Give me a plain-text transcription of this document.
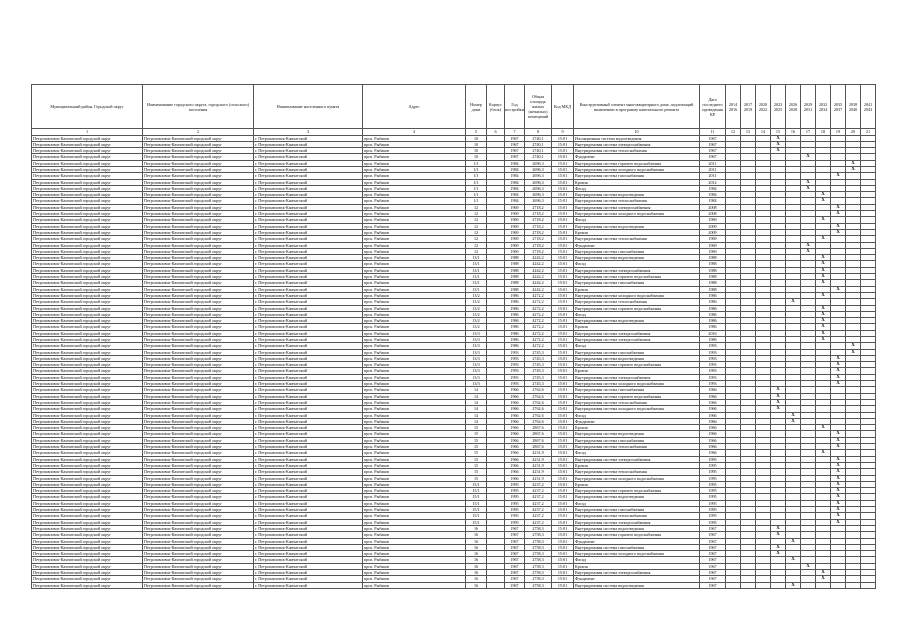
Муниципальный район, Городской округ	Наименование городского округа, городского (сельского) поселения	Наименование населенного пункта	Адрес	Номер дома	Корпус (блок)	Год постройки	Общая площадь жилых (нежилых) помещений	Код МКД	Конструктивный элемент многоквартирного дома, подлежащий включению в программу капитального ремонта	Дата последнего проведения КР	2014 2016	2017 2019	2020 2022	2023 2025	2026 2028	2029 2031	2032 2034	2035 2037	2038 2040	2041 2043
1	2	3	4	5	6	7	8	9	10	11	12	13	14	15	16	17	18	19	20	21
Петропавловск-Камчатский городской округ	Петропавловск-Камчатский городской округ	г. Петропавловск-Камчатский	прсп. Рыбаков	10		1967	2740,1	15:01	Изоляционная система водоотведения	1967				X						
Петропавловск-Камчатский городской округ	Петропавловск-Камчатский городской округ	г. Петропавловск-Камчатский	прсп. Рыбаков	10		1967	2740,1	15:01	Внутридомовая система электроснабжения	1967				X						
Петропавловск-Камчатский городской округ	Петропавловск-Камчатский городской округ	г. Петропавловск-Камчатский	прсп. Рыбаков	10		1967	2740,1	15:01	Внутридомовая система теплоснабжения	1967				X						
Петропавловск-Камчатский городской округ	Петропавловск-Камчатский городской округ	г. Петропавловск-Камчатский	прсп. Рыбаков	10		1967	2740,1	15:01	Фундамент	1967						X				
Петропавловск-Камчатский городской округ	Петропавловск-Камчатский городской округ	г. Петропавловск-Камчатский	прсп. Рыбаков	1/1		1984	2696,3	15:01	Внутридомовая система горячего водоснабжения	2011									X	
Петропавловск-Камчатский городской округ	Петропавловск-Камчатский городской округ	г. Петропавловск-Камчатский	прсп. Рыбаков	1/1		1984	2696,3	15:01	Внутридомовая система холодного водоснабжения	2011									X	
Петропавловск-Камчатский городской округ	Петропавловск-Камчатский городской округ	г. Петропавловск-Камчатский	прсп. Рыбаков	1/1		1984	2696,3	15:01	Внутридомовая система газоснабжения	2011								X		
Петропавловск-Камчатский городской округ	Петропавловск-Камчатский городской округ	г. Петропавловск-Камчатский	прсп. Рыбаков	1/1		1984	2696,3	15:01	Кровля	2012						X				
Петропавловск-Камчатский городской округ	Петропавловск-Камчатский городской округ	г. Петропавловск-Камчатский	прсп. Рыбаков	1/1		1984	2696,3	15:01	Фасад	1984						X				
Петропавловск-Камчатский городской округ	Петропавловск-Камчатский городской округ	г. Петропавловск-Камчатский	прсп. Рыбаков	1/1		1984	2696,3	15:01	Внутридомовая система водоотведения	1984							X			
Петропавловск-Камчатский городской округ	Петропавловск-Камчатский городской округ	г. Петропавловск-Камчатский	прсп. Рыбаков	1/1		1984	2696,3	15:01	Внутридомовая система теплоснабжения	1984							X			
Петропавловск-Камчатский городской округ	Петропавловск-Камчатский городской округ	г. Петропавловск-Камчатский	прсп. Рыбаков	12		1969	2718,2	15:01	Внутридомовая система электроснабжения	2008								X		
Петропавловск-Камчатский городской округ	Петропавловск-Камчатский городской округ	г. Петропавловск-Камчатский	прсп. Рыбаков	12		1969	2718,2	15:01	Внутридомовая система холодного водоснабжения	2008								X		
Петропавловск-Камчатский городской округ	Петропавловск-Камчатский городской округ	г. Петропавловск-Камчатский	прсп. Рыбаков	12		1969	2718,2	15:01	Фасад	1969							X			
Петропавловск-Камчатский городской округ	Петропавловск-Камчатский городской округ	г. Петропавловск-Камчатский	прсп. Рыбаков	12		1969	2718,2	15:01	Внутридомовая система водоотведения	2009								X		
Петропавловск-Камчатский городской округ	Петропавловск-Камчатский городской округ	г. Петропавловск-Камчатский	прсп. Рыбаков	12		1969	2718,2	15:01	Кровля	2009								X		
Петропавловск-Камчатский городской округ	Петропавловск-Камчатский городской округ	г. Петропавловск-Камчатский	прсп. Рыбаков	12		1969	2718,2	15:01	Внутридомовая система теплоснабжения	1969							X			
Петропавловск-Камчатский городской округ	Петропавловск-Камчатский городской округ	г. Петропавловск-Камчатский	прсп. Рыбаков	12		1969	2718,2	15:01	Фундамент	1969						X				
Петропавловск-Камчатский городской округ	Петропавловск-Камчатский городской округ	г. Петропавловск-Камчатский	прсп. Рыбаков	12		1969	2718,2	15:01	Внутридомовая система газоснабжения	1969						X				
Петропавловск-Камчатский городской округ	Петропавловск-Камчатский городской округ	г. Петропавловск-Камчатский	прсп. Рыбаков	13/1		1988	4242,2	15:01	Внутридомовая система водоотведения	1988							X			
Петропавловск-Камчатский городской округ	Петропавловск-Камчатский городской округ	г. Петропавловск-Камчатский	прсп. Рыбаков	13/1		1988	4242,2	15:01	Фасад	1988							X			
Петропавловск-Камчатский городской округ	Петропавловск-Камчатский городской округ	г. Петропавловск-Камчатский	прсп. Рыбаков	13/1		1988	4242,2	15:01	Внутридомовая система электроснабжения	1988							X			
Петропавловск-Камчатский городской округ	Петропавловск-Камчатский городской округ	г. Петропавловск-Камчатский	прсп. Рыбаков	13/1		1988	4242,2	15:01	Внутридомовая система горячего водоснабжения	1988							X			
Петропавловск-Камчатский городской округ	Петропавловск-Камчатский городской округ	г. Петропавловск-Камчатский	прсп. Рыбаков	13/1		1988	4242,2	15:01	Внутридомовая система газоснабжения	1988							X			
Петропавловск-Камчатский городской округ	Петропавловск-Камчатский городской округ	г. Петропавловск-Камчатский	прсп. Рыбаков	13/1		1988	4242,2	15:01	Кровля	1988								X		
Петропавловск-Камчатский городской округ	Петропавловск-Камчатский городской округ	г. Петропавловск-Камчатский	прсп. Рыбаков	13/2		1986	4272,2	15:01	Внутридомовая система холодного водоснабжения	1986							X			
Петропавловск-Камчатский городской округ	Петропавловск-Камчатский городской округ	г. Петропавловск-Камчатский	прсп. Рыбаков	13/2		1986	4272,2	15:01	Внутридомовая система теплоснабжения	1986					X					
Петропавловск-Камчатский городской округ	Петропавловск-Камчатский городской округ	г. Петропавловск-Камчатский	прсп. Рыбаков	13/2		1986	4272,2	15:01	Внутридомовая система горячего водоснабжения	1986							X			
Петропавловск-Камчатский городской округ	Петропавловск-Камчатский городской округ	г. Петропавловск-Камчатский	прсп. Рыбаков	13/2		1986	4272,2	15:01	Фасад	1986							X			
Петропавловск-Камчатский городской округ	Петропавловск-Камчатский городской округ	г. Петропавловск-Камчатский	прсп. Рыбаков	13/2		1986	4272,2	15:01	Внутридомовая система водоотведения	1986							X			
Петропавловск-Камчатский городской округ	Петропавловск-Камчатский городской округ	г. Петропавловск-Камчатский	прсп. Рыбаков	13/2		1986	4272,2	15:01	Кровля	1986							X			
Петропавловск-Камчатский городской округ	Петропавловск-Камчатский городской округ	г. Петропавловск-Камчатский	прсп. Рыбаков	13/3		1986	4272,2	15:01	Внутридомовая система электроснабжения	2016							X			
Петропавловск-Камчатский городской округ	Петропавловск-Камчатский городской округ	г. Петропавловск-Камчатский	прсп. Рыбаков	13/3		1986	4272,2	15:01	Внутридомовая система электроснабжения	1986							X			
Петропавловск-Камчатский городской округ	Петропавловск-Камчатский городской округ	г. Петропавловск-Камчатский	прсп. Рыбаков	13/3		1986	4272,2	15:01	Фасад	1993									X	
Петропавловск-Камчатский городской округ	Петропавловск-Камчатский городской округ	г. Петропавловск-Камчатский	прсп. Рыбаков	13/3		1993	2745,3	15:01	Внутридомовая система газоснабжения	1993									X	
Петропавловск-Камчатский городской округ	Петропавловск-Камчатский городской округ	г. Петропавловск-Камчатский	прсп. Рыбаков	13/3		1993	2745,3	15:01	Внутридомовая система водоотведения	1993								X		
Петропавловск-Камчатский городской округ	Петропавловск-Камчатский городской округ	г. Петропавловск-Камчатский	прсп. Рыбаков	13/3		1993	2745,3	15:01	Внутридомовая система горячего водоснабжения	1993								X		
Петропавловск-Камчатский городской округ	Петропавловск-Камчатский городской округ	г. Петропавловск-Камчатский	прсп. Рыбаков	13/3		1993	2745,3	15:01	Кровля	1993								X		
Петропавловск-Камчатский городской округ	Петропавловск-Камчатский городской округ	г. Петропавловск-Камчатский	прсп. Рыбаков	13/3		1993	2745,3	15:01	Внутридомовая система электроснабжения	1993								X		
Петропавловск-Камчатский городской округ	Петропавловск-Камчатский городской округ	г. Петропавловск-Камчатский	прсп. Рыбаков	13/3		1993	2745,3	15:01	Внутридомовая система холодного водоснабжения	1993								X		
Петропавловск-Камчатский городской округ	Петропавловск-Камчатский городской округ	г. Петропавловск-Камчатский	прсп. Рыбаков	14		1966	2762,6	15:01	Внутридомовая система газоснабжения	1966				X						
Петропавловск-Камчатский городской округ	Петропавловск-Камчатский городской округ	г. Петропавловск-Камчатский	прсп. Рыбаков	14		1966	2762,6	15:01	Внутридомовая система горячего водоснабжения	1966				X						
Петропавловск-Камчатский городской округ	Петропавловск-Камчатский городской округ	г. Петропавловск-Камчатский	прсп. Рыбаков	14		1966	2762,6	15:01	Внутридомовая система теплоснабжения	1966				X						
Петропавловск-Камчатский городской округ	Петропавловск-Камчатский городской округ	г. Петропавловск-Камчатский	прсп. Рыбаков	14		1966	2762,6	15:01	Внутридомовая система холодного водоснабжения	1966				X						
Петропавловск-Камчатский городской округ	Петропавловск-Камчатский городской округ	г. Петропавловск-Камчатский	прсп. Рыбаков	14		1966	2762,6	15:01	Фасад	1966					X					
Петропавловск-Камчатский городской округ	Петропавловск-Камчатский городской округ	г. Петропавловск-Камчатский	прсп. Рыбаков	14		1966	2762,6	15:01	Фундамент	1966					X					
Петропавловск-Камчатский городской округ	Петропавловск-Камчатский городской округ	г. Петропавловск-Камчатский	прсп. Рыбаков	15		1966	2867,6	15:01	Кровля	1966							X			
Петропавловск-Камчатский городской округ	Петропавловск-Камчатский городской округ	г. Петропавловск-Камчатский	прсп. Рыбаков	15		1966	2867,6	15:01	Внутридомовая система водоотведения	1966								X		
Петропавловск-Камчатский городской округ	Петропавловск-Камчатский городской округ	г. Петропавловск-Камчатский	прсп. Рыбаков	15		1966	2867,6	15:01	Внутридомовая система газоснабжения	1966								X		
Петропавловск-Камчатский городской округ	Петропавловск-Камчатский городской округ	г. Петропавловск-Камчатский	прсп. Рыбаков	15		1966	2867,6	15:01	Внутридомовая система теплоснабжения	1966								X		
Петропавловск-Камчатский городской округ	Петропавловск-Камчатский городской округ	г. Петропавловск-Камчатский	прсп. Рыбаков	15		1966	4231,9	15:01	Фасад	1966							X			
Петропавловск-Камчатский городской округ	Петропавловск-Камчатский городской округ	г. Петропавловск-Камчатский	прсп. Рыбаков	15		1966	4231,9	15:01	Внутридомовая система электроснабжения	1995								X		
Петропавловск-Камчатский городской округ	Петропавловск-Камчатский городской округ	г. Петропавловск-Камчатский	прсп. Рыбаков	15		1966	4231,9	15:01	Кровля	1995								X		
Петропавловск-Камчатский городской округ	Петропавловск-Камчатский городской округ	г. Петропавловск-Камчатский	прсп. Рыбаков	15		1966	4231,9	15:01	Внутридомовая система теплоснабжения	1995								X		
Петропавловск-Камчатский городской округ	Петропавловск-Камчатский городской округ	г. Петропавловск-Камчатский	прсп. Рыбаков	15		1966	4231,9	15:01	Внутридомовая система холодного водоснабжения	1995								X		
Петропавловск-Камчатский городской округ	Петропавловск-Камчатский городской округ	г. Петропавловск-Камчатский	прсп. Рыбаков	15/1		1995	4237,2	15:01	Кровля	1995								X		
Петропавловск-Камчатский городской округ	Петропавловск-Камчатский городской округ	г. Петропавловск-Камчатский	прсп. Рыбаков	15/1		1995	4237,2	15:01	Внутридомовая система горячего водоснабжения	1995								X		
Петропавловск-Камчатский городской округ	Петропавловск-Камчатский городской округ	г. Петропавловск-Камчатский	прсп. Рыбаков	15/1		1995	4237,2	15:01	Внутридомовая система водоотведения	1995								X		
Петропавловск-Камчатский городской округ	Петропавловск-Камчатский городской округ	г. Петропавловск-Камчатский	прсп. Рыбаков	15/1		1995	4237,2	15:01	Фасад	1995								X		
Петропавловск-Камчатский городской округ	Петропавловск-Камчатский городской округ	г. Петропавловск-Камчатский	прсп. Рыбаков	15/1		1995	4237,2	15:01	Внутридомовая система газоснабжения	1995								X		
Петропавловск-Камчатский городской округ	Петропавловск-Камчатский городской округ	г. Петропавловск-Камчатский	прсп. Рыбаков	15/1		1995	4237,2	15:01	Внутридомовая система теплоснабжения	1995								X		
Петропавловск-Камчатский городской округ	Петропавловск-Камчатский городской округ	г. Петропавловск-Камчатский	прсп. Рыбаков	15/1		1995	4237,2	15:01	Внутридомовая система электроснабжения	1995								X		
Петропавловск-Камчатский городской округ	Петропавловск-Камчатский городской округ	г. Петропавловск-Камчатский	прсп. Рыбаков	16		1967	2758,3	15:01	Внутридомовая система водоотведения	1967				X						
Петропавловск-Камчатский городской округ	Петропавловск-Камчатский городской округ	г. Петропавловск-Камчатский	прсп. Рыбаков	16		1967	2758,3	15:01	Внутридомовая система горячего водоснабжения	1967				X						
Петропавловск-Камчатский городской округ	Петропавловск-Камчатский городской округ	г. Петропавловск-Камчатский	прсп. Рыбаков	16		1967	2758,3	15:01	Фундамент	1967					X					
Петропавловск-Камчатский городской округ	Петропавловск-Камчатский городской округ	г. Петропавловск-Камчатский	прсп. Рыбаков	16		1967	2758,3	15:01	Внутридомовая система газоснабжения	1967				X						
Петропавловск-Камчатский городской округ	Петропавловск-Камчатский городской округ	г. Петропавловск-Камчатский	прсп. Рыбаков	16		1967	2758,3	15:01	Внутридомовая система холодного водоснабжения	1967				X						
Петропавловск-Камчатский городской округ	Петропавловск-Камчатский городской округ	г. Петропавловск-Камчатский	прсп. Рыбаков	16		1967	2758,3	15:01	Фасад	1967					X					
Петропавловск-Камчатский городской округ	Петропавловск-Камчатский городской округ	г. Петропавловск-Камчатский	прсп. Рыбаков	16		1967	2758,3	15:01	Кровля	1967						X				
Петропавловск-Камчатский городской округ	Петропавловск-Камчатский городской округ	г. Петропавловск-Камчатский	прсп. Рыбаков	16		1967	2758,3	15:01	Внутридомовая система электроснабжения	1967							X			
Петропавловск-Камчатский городской округ	Петропавловск-Камчатский городской округ	г. Петропавловск-Камчатский	прсп. Рыбаков	16		1967	2758,3	15:01	Фундамент	1967							X			
Петропавловск-Камчатский городской округ	Петропавловск-Камчатский городской округ	г. Петропавловск-Камчатский	прсп. Рыбаков	16		1967	2758,3	15:01	Внутридомовая система водоотведения	1967					X					
